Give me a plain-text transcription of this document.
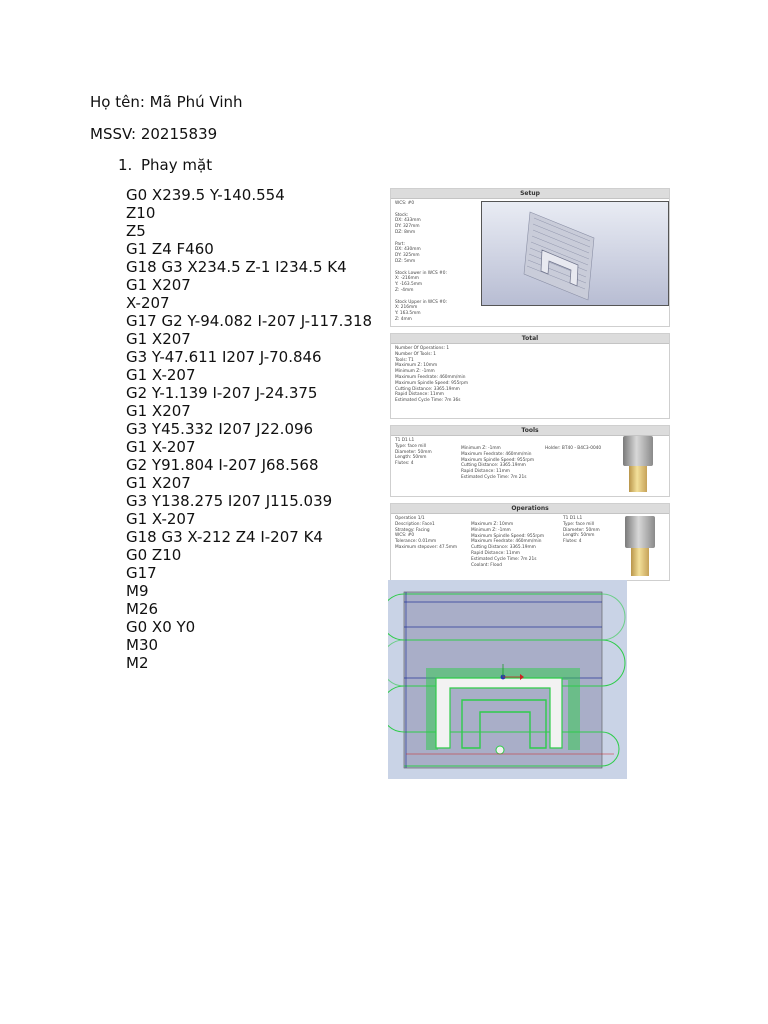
Họ tên: Mã Phú Vinh
MSSV: 20215839
1. Phay mặt
G0 X239.5 Y-140.554
Z10
Z5
G1 Z4 F460
G18 G3 X234.5 Z-1 I234.5 K4
G1 X207
X-207
G17 G2 Y-94.082 I-207 J-117.318
G1 X207
G3 Y-47.611 I207 J-70.846
G1 X-207
G2 Y-1.139 I-207 J-24.375
G1 X207
G3 Y45.332 I207 J22.096
G1 X-207
G2 Y91.804 I-207 J68.568
G1 X207
G3 Y138.275 I207 J115.039
G1 X-207
G18 G3 X-212 Z4 I-207 K4
G0 Z10
G17
M9
M26
G0 X0 Y0
M30
M2
Setup
WCS: #0

Stock:
DX: 433mm
DY: 327mm
DZ: 8mm

Part:
DX: 430mm
DY: 325mm
DZ: 5mm

Stock Lower in WCS #0:
X: -216mm
Y: -163.5mm
Z: -4mm

Stock Upper in WCS #0:
X: 216mm
Y: 163.5mm
Z: 4mm
Total
Number Of Operations: 1
Number Of Tools: 1
Tools: T1
Maximum Z: 10mm
Minimum Z: -1mm
Maximum Feedrate: 460mm/min
Maximum Spindle Speed: 955rpm
Cutting Distance: 3365.19mm
Rapid Distance: 11mm
Estimated Cycle Time: 7m 36s
Tools
T1 D1 L1
Type: face mill
Diameter: 50mm
Length: 50mm
Flutes: 4
Minimum Z: -1mm
Maximum Feedrate: 460mm/min
Maximum Spindle Speed: 955rpm
Cutting Distance: 3365.19mm
Rapid Distance: 11mm
Estimated Cycle Time: 7m 21s
Holder: BT40 - B4C3-0040
Operations
Operation 1/1
Description: Face1
Strategy: Facing
WCS: #0
Tolerance: 0.01mm
Maximum stepover: 47.5mm
Maximum Z: 10mm
Minimum Z: -1mm
Maximum Spindle Speed: 955rpm
Maximum Feedrate: 460mm/min
Cutting Distance: 3365.19mm
Rapid Distance: 11mm
Estimated Cycle Time: 7m 21s
Coolant: Flood
T1 D1 L1
Type: face mill
Diameter: 50mm
Length: 50mm
Flutes: 4
